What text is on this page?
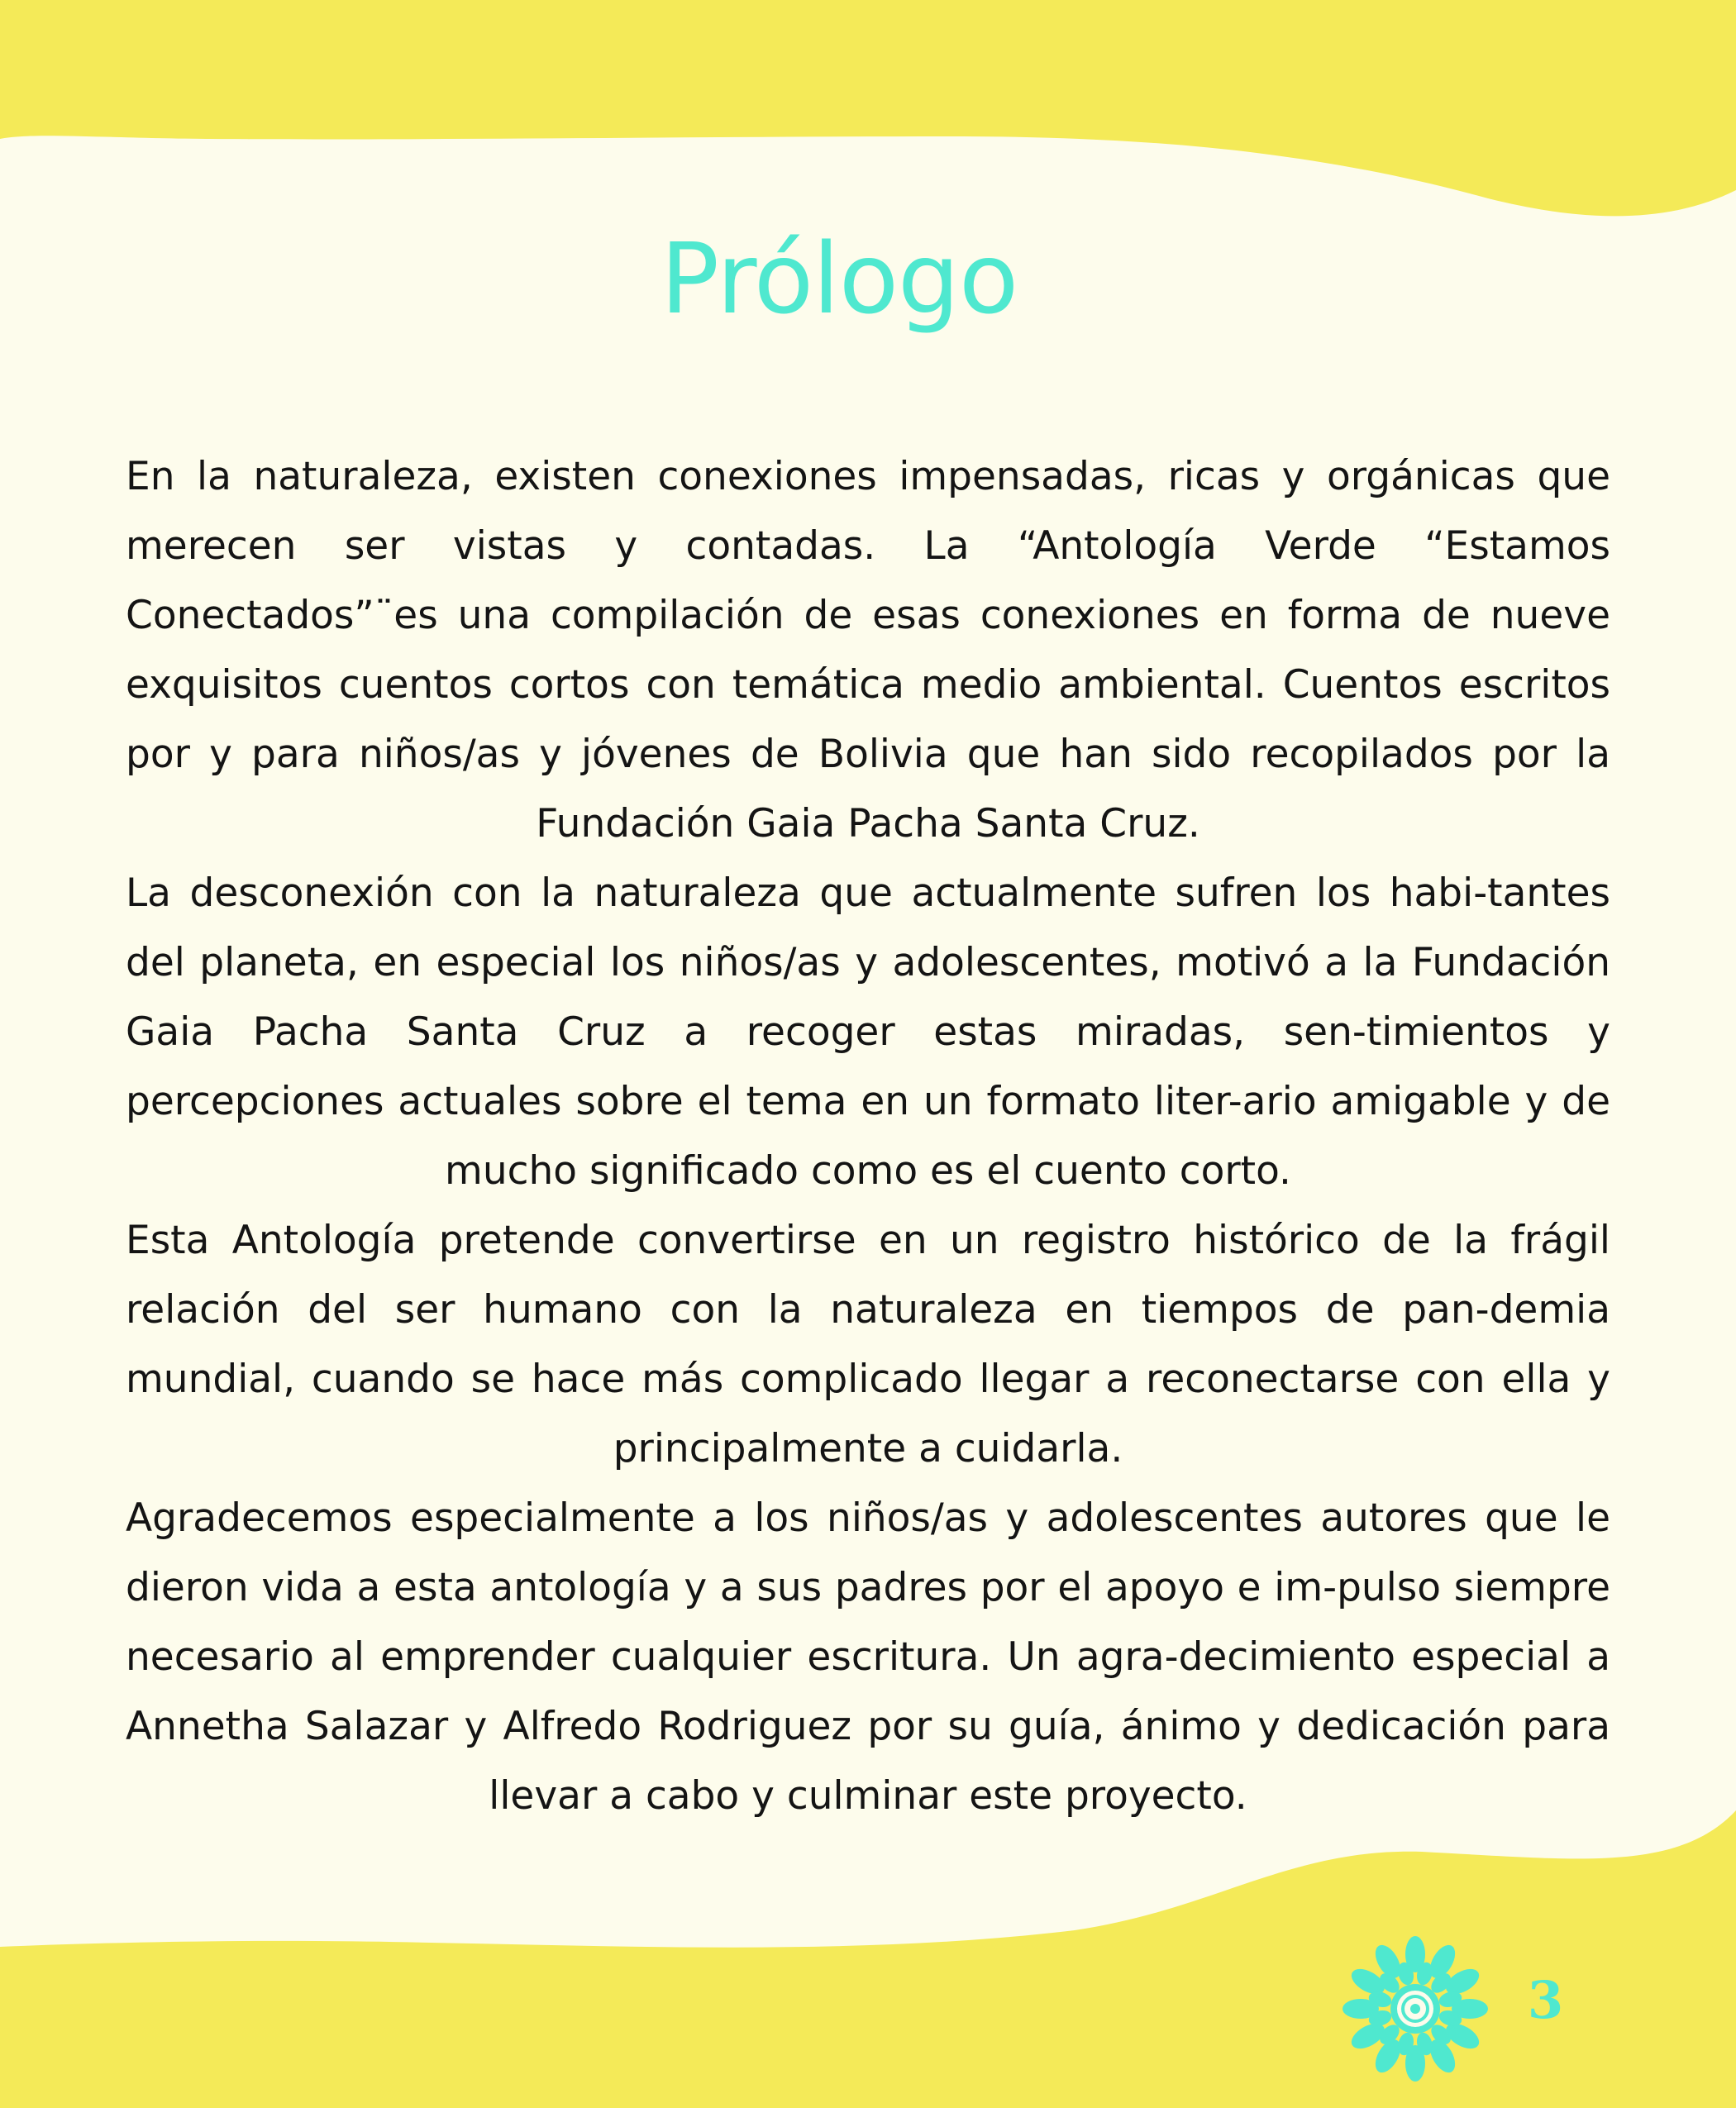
Prólogo

En la naturaleza, existen conexiones impensadas, ricas y orgánicas que merecen ser vistas y contadas. La “Antología Verde “Estamos Conectados”¨es una compilación de esas conexiones en forma de nueve exquisitos cuentos cortos con temática medio ambiental. Cuentos escritos por y para niños/as y jóvenes de Bolivia que han sido recopilados por la Fundación Gaia Pacha Santa Cruz.

La desconexión con la naturaleza que actualmente sufren los habi-tantes del planeta, en especial los niños/as y adolescentes, motivó a la Fundación Gaia Pacha Santa Cruz a recoger estas miradas, sen-timientos y percepciones actuales sobre el tema en un formato liter-ario amigable y de mucho significado como es el cuento corto.

Esta Antología pretende convertirse en un registro histórico de la frágil relación del ser humano con la naturaleza en tiempos de pan-demia mundial, cuando se hace más complicado llegar a reconectarse con ella y principalmente a cuidarla.

Agradecemos especialmente a los niños/as y adolescentes autores que le dieron vida a esta antología y a sus padres por el apoyo e im-pulso siempre necesario al emprender cualquier escritura. Un agra-decimiento especial a Annetha Salazar y Alfredo Rodriguez por su guía, ánimo y dedicación para llevar a cabo y culminar este proyecto.

3
